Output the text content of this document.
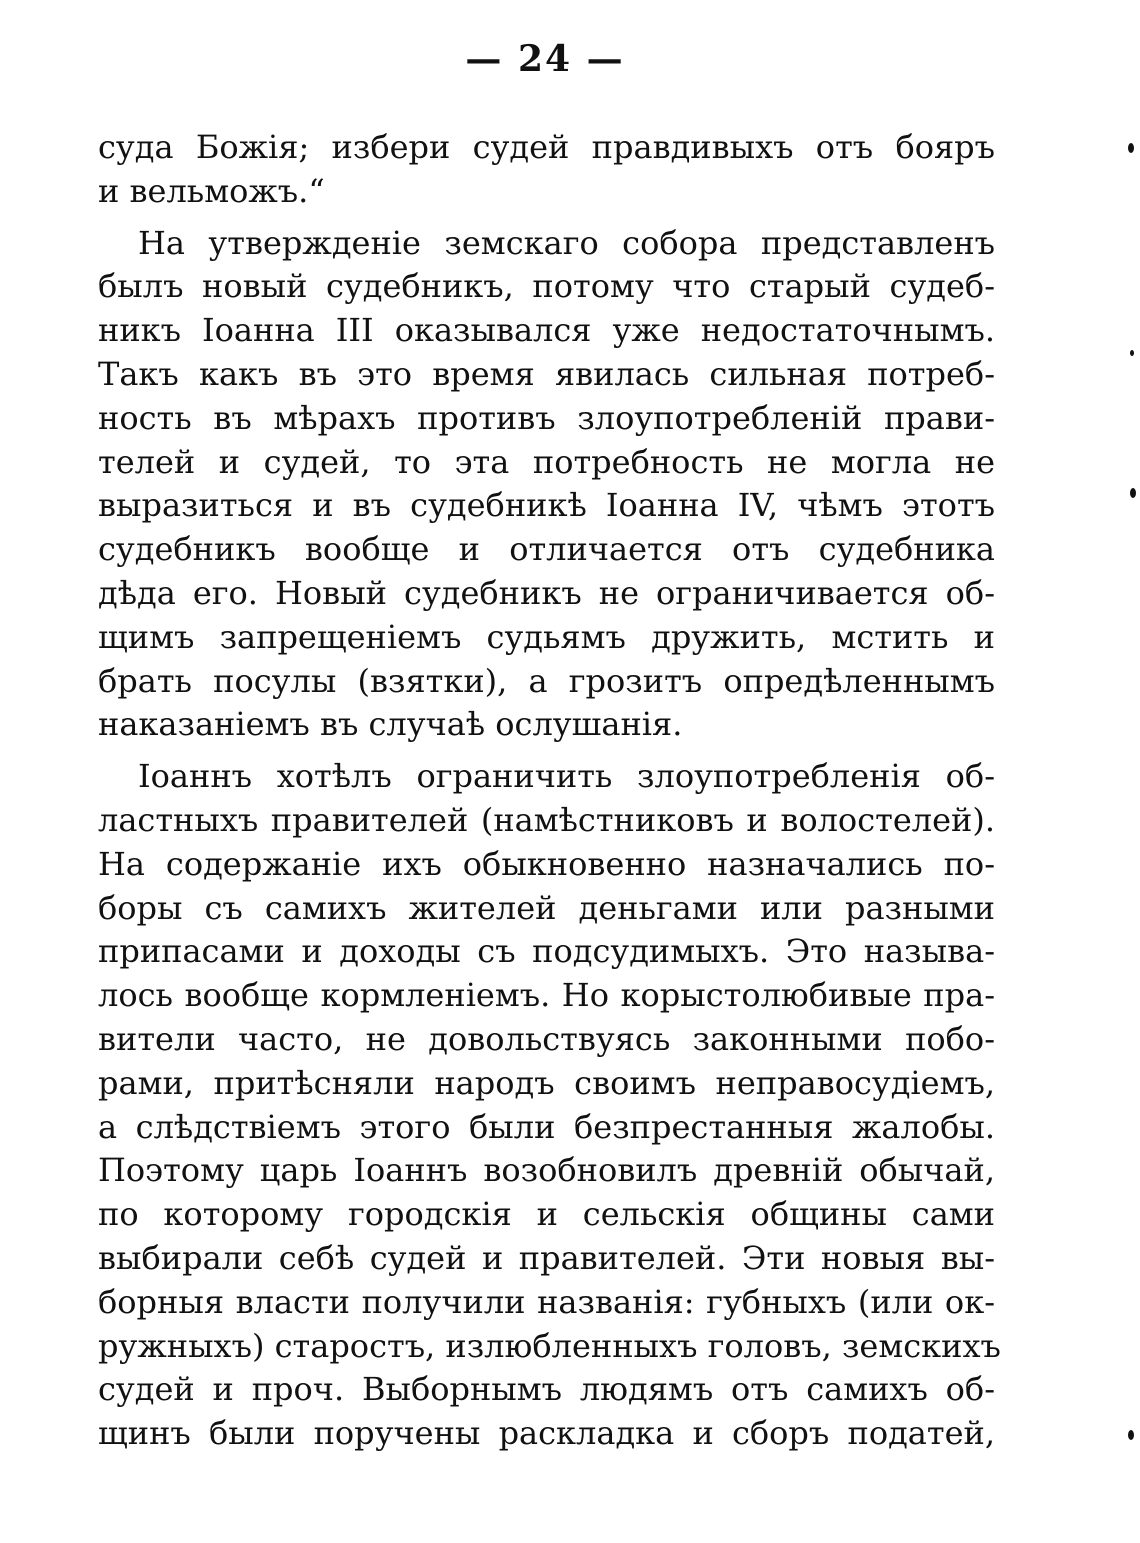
— 24 —
суда Божія; избери судей правдивыхъ отъ бояръ
и вельможъ.“
На утвержденіе земскаго собора представленъ
былъ новый судебникъ, потому что старый судеб-
никъ Іоанна III оказывался уже недостаточнымъ.
Такъ какъ въ это время явилась сильная потреб-
ность въ мѣрахъ противъ злоупотребленій прави-
телей и судей, то эта потребность не могла не
выразиться и въ судебникѣ Іоанна IV, чѣмъ этотъ
судебникъ вообще и отличается отъ судебника
дѣда его. Новый судебникъ не ограничивается об-
щимъ запрещеніемъ судьямъ дружить, мстить и
брать посулы (взятки), а грозитъ опредѣленнымъ
наказаніемъ въ случаѣ ослушанія.
Іоаннъ хотѣлъ ограничить злоупотребленія об-
ластныхъ правителей (намѣстниковъ и волостелей).
На содержаніе ихъ обыкновенно назначались по-
боры съ самихъ жителей деньгами или разными
припасами и доходы съ подсудимыхъ. Это называ-
лось вообще кормленіемъ. Но корыстолюбивые пра-
вители часто, не довольствуясь законными побо-
рами, притѣсняли народъ своимъ неправосудіемъ,
а слѣдствіемъ этого были безпрестанныя жалобы.
Поэтому царь Іоаннъ возобновилъ древній обычай,
по которому городскія и сельскія общины сами
выбирали себѣ судей и правителей. Эти новыя вы-
борныя власти получили названія: губныхъ (или ок-
ружныхъ) старостъ, излюбленныхъ головъ, земскихъ
судей и проч. Выборнымъ людямъ отъ самихъ об-
щинъ были поручены раскладка и сборъ податей,
